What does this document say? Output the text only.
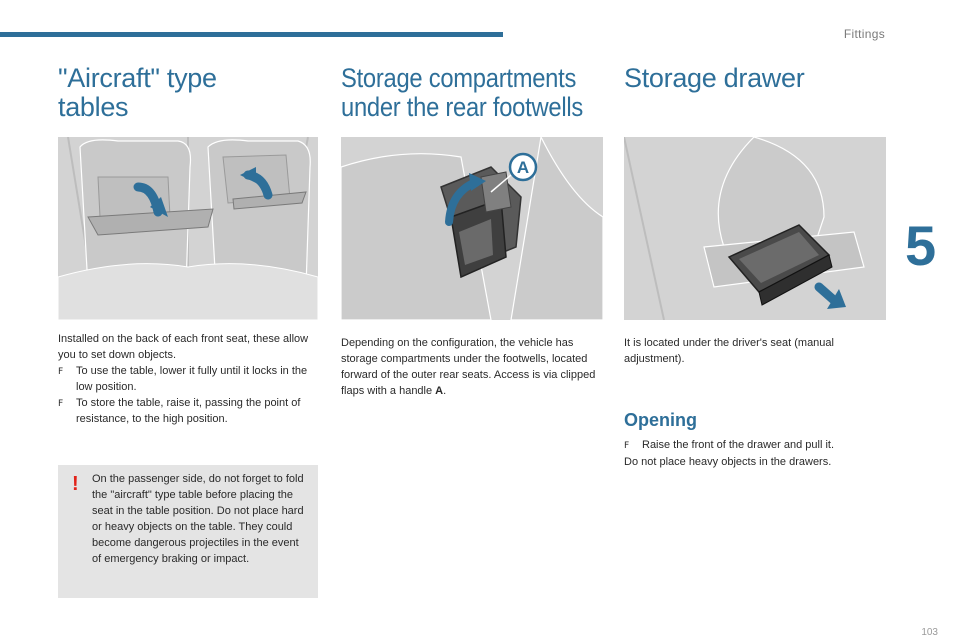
Fittings
5
103
"Aircraft" type
tables

Installed on the back of each front seat, these allow you to set down objects.

F	To use the table, lower it fully until it locks in the low position.
F	To store the table, raise it, passing the point of resistance, to the high position.
! On the passenger side, do not forget to fold the "aircraft" type table before placing the seat in the table position. Do not place hard or heavy objects on the table. They could become dangerous projectiles in the event of emergency braking or impact.

Storage compartments
under the rear footwells
A

Depending on the configuration, the vehicle has storage compartments under the footwells, located forward of the outer rear seats. Access is via clipped flaps with a handle A.

Storage drawer

It is located under the driver's seat (manual adjustment).

Opening
F	Raise the front of the drawer and pull it.

Do not place heavy objects in the drawers.
